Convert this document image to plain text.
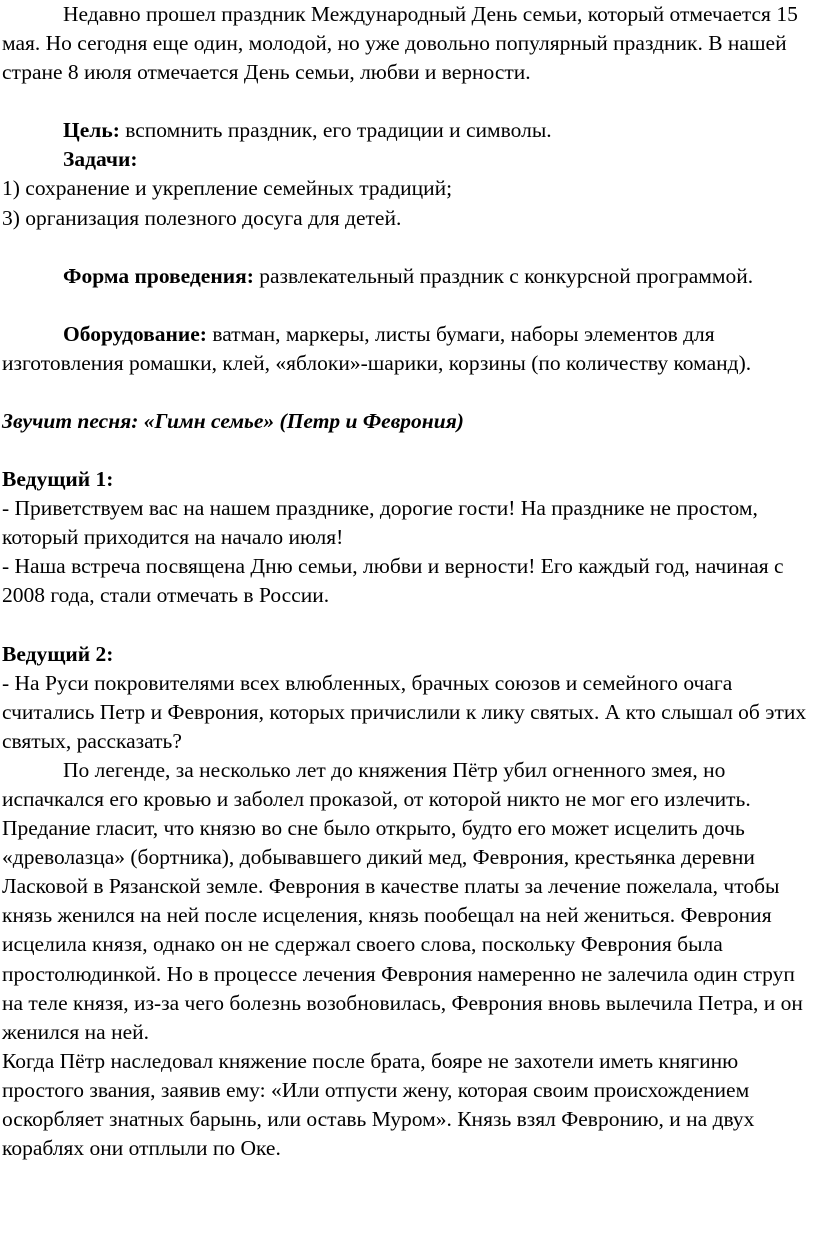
Недавно прошел праздник Международный День семьи, который отмечается 15 мая. Но сегодня еще один, молодой, но уже довольно популярный праздник. В нашей стране 8 июля отмечается День семьи, любви и верности.

Цель: вспомнить праздник, его традиции и символы.

Задачи:

1) сохранение и укрепление семейных традиций;

3) организация полезного досуга для детей.

Форма проведения: развлекательный праздник с конкурсной программой.

Оборудование: ватман, маркеры, листы бумаги, наборы элементов для изготовления ромашки, клей, «яблоки»-шарики, корзины (по количеству команд).

Звучит песня: «Гимн семье» (Петр и Феврония)

Ведущий 1:

- Приветствуем вас на нашем празднике, дорогие гости! На празднике не простом, который приходится на начало июля!

- Наша встреча посвящена Дню семьи, любви и верности! Его каждый год, начиная с 2008 года, стали отмечать в России.

Ведущий 2:

- На Руси покровителями всех влюбленных, брачных союзов и семейного очага считались Петр и Феврония, которых причислили к лику святых. А кто слышал об этих святых, рассказать?

По легенде, за несколько лет до княжения Пётр убил огненного змея, но испачкался его кровью и заболел проказой, от которой никто не мог его излечить. Предание гласит, что князю во сне было открыто, будто его может исцелить дочь «древолазца» (бортника), добывавшего дикий мед, Феврония, крестьянка деревни Ласковой в Рязанской земле. Феврония в качестве платы за лечение пожелала, чтобы князь женился на ней после исцеления, князь пообещал на ней жениться. Феврония исцелила князя, однако он не сдержал своего слова, поскольку Феврония была простолюдинкой. Но в процессе лечения Феврония намеренно не залечила один струп на теле князя, из-за чего болезнь возобновилась, Феврония вновь вылечила Петра, и он женился на ней.

Когда Пётр наследовал княжение после брата, бояре не захотели иметь княгиню простого звания, заявив ему: «Или отпусти жену, которая своим происхождением оскорбляет знатных барынь, или оставь Муром». Князь взял Февронию, и на двух кораблях они отплыли по Оке.
